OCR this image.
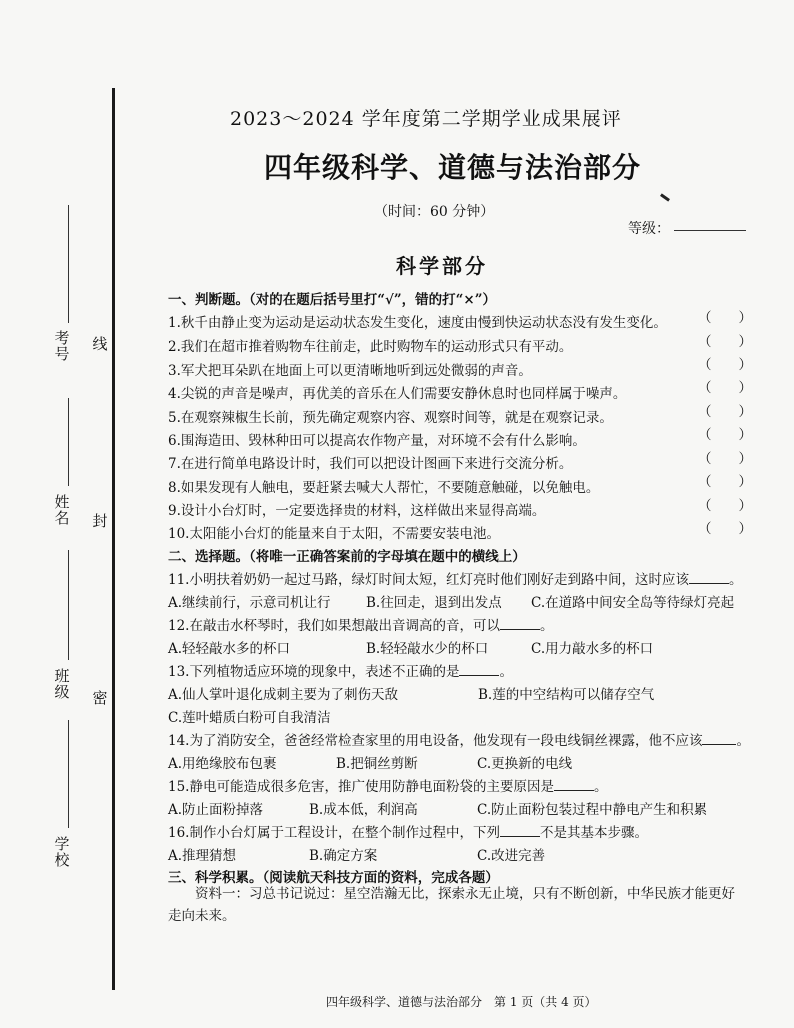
考号
姓名
班级
学校
线
封
密
2023～2024 学年度第二学期学业成果展评
四年级科学、道德与法治部分
（时间：60 分钟）
等级：
科学部分
一、判断题。（对的在题后括号里打“√”，错的打“×”）
1.秋千由静止变为运动是运动状态发生变化，速度由慢到快运动状态没有发生变化。 （　　）
2.我们在超市推着购物车往前走，此时购物车的运动形式只有平动。	（　　）
3.军犬把耳朵趴在地面上可以更清晰地听到远处微弱的声音。	（　　）
4.尖锐的声音是噪声，再优美的音乐在人们需要安静休息时也同样属于噪声。	（　　）
5.在观察辣椒生长前，预先确定观察内容、观察时间等，就是在观察记录。	（　　）
6.围海造田、毁林种田可以提高农作物产量，对环境不会有什么影响。	（　　）
7.在进行简单电路设计时，我们可以把设计图画下来进行交流分析。	（　　）
8.如果发现有人触电，要赶紧去喊大人帮忙，不要随意触碰，以免触电。	（　　）
9.设计小台灯时，一定要选择贵的材料，这样做出来显得高端。	（　　）
10.太阳能小台灯的能量来自于太阳，不需要安装电池。	（　　）
二、选择题。（将唯一正确答案前的字母填在题中的横线上）
11.小明扶着奶奶一起过马路，绿灯时间太短，红灯亮时他们刚好走到路中间，这时应该	。
A.继续前行，示意司机让行	B.往回走，退到出发点 C.在道路中间安全岛等待绿灯亮起
12.在敲击水杯琴时，我们如果想敲出音调高的音，可以	。
A.轻轻敲水多的杯口	B.轻轻敲水少的杯口	C.用力敲水多的杯口
13.下列植物适应环境的现象中，表述不正确的是	。
A.仙人掌叶退化成刺主要为了刺伤天敌	B.莲的中空结构可以储存空气
C.莲叶蜡质白粉可自我清洁
14.为了消防安全，爸爸经常检查家里的用电设备，他发现有一段电线铜丝裸露，他不应该	。
A.用绝缘胶布包裹	B.把铜丝剪断	C.更换新的电线
15.静电可能造成很多危害，推广使用防静电面粉袋的主要原因是	。
A.防止面粉掉落	B.成本低，利润高	C.防止面粉包装过程中静电产生和积累
16.制作小台灯属于工程设计，在整个制作过程中，下列	不是其基本步骤。
A.推理猜想	B.确定方案	C.改进完善
三、科学积累。（阅读航天科技方面的资料，完成各题）
资料一：习总书记说过：星空浩瀚无比，探索永无止境，只有不断创新，中华民族才能更好走向未来。
四年级科学、道德与法治部分　第 1 页（共 4 页）
